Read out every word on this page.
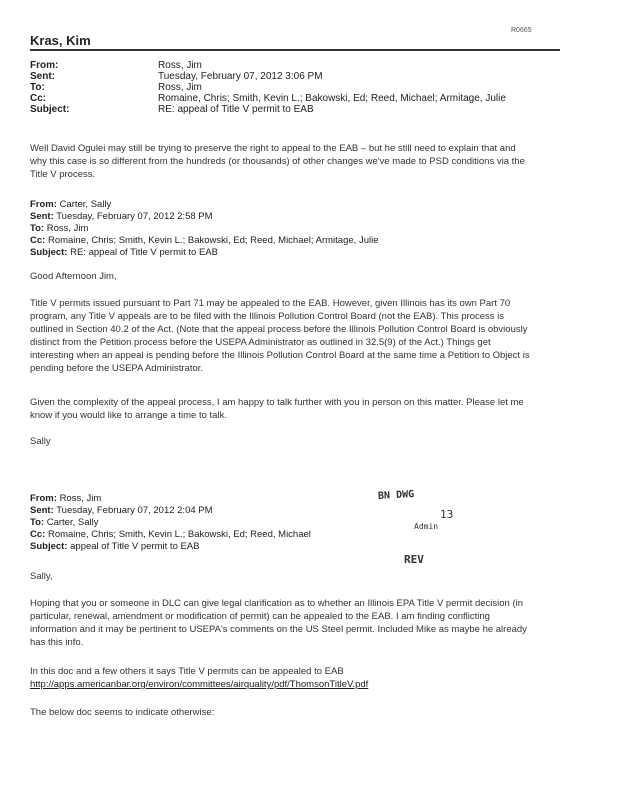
R0665
Kras, Kim
From:	Ross, Jim
Sent:	Tuesday, February 07, 2012 3:06 PM
To:	Ross, Jim
Cc:	Romaine, Chris; Smith, Kevin L.; Bakowski, Ed; Reed, Michael; Armitage, Julie
Subject:	RE: appeal of Title V permit to EAB
Well David Ogulei may still be trying to preserve the right to appeal to the EAB – but he still need to explain that and
why this case is so different from the hundreds (or thousands) of other changes we've made to PSD conditions via the
Title V process.
From: Carter, Sally
Sent: Tuesday, February 07, 2012 2:58 PM
To: Ross, Jim
Cc: Romaine, Chris; Smith, Kevin L.; Bakowski, Ed; Reed, Michael; Armitage, Julie
Subject: RE: appeal of Title V permit to EAB
Good Afternoon Jim,
Title V permits issued pursuant to Part 71 may be appealed to the EAB. However, given Illinois has its own Part 70
program, any Title V appeals are to be filed with the Illinois Pollution Control Board (not the EAB). This process is
outlined in Section 40.2 of the Act. (Note that the appeal process before the Illinois Pollution Control Board is obviously
distinct from the Petition process before the USEPA Administrator as outlined in 32.5(9) of the Act.) Things get
interesting when an appeal is pending before the Illinois Pollution Control Board at the same time a Petition to Object is
pending before the USEPA Administrator.
Given the complexity of the appeal process, I am happy to talk further with you in person on this matter. Please let me
know if you would like to arrange a time to talk.
Sally
BN DWG
13
Admin
REV
From: Ross, Jim
Sent: Tuesday, February 07, 2012 2:04 PM
To: Carter, Sally
Cc: Romaine, Chris; Smith, Kevin L.; Bakowski, Ed; Reed, Michael
Subject: appeal of Title V permit to EAB
Sally,
Hoping that you or someone in DLC can give legal clarification as to whether an Illinois EPA Title V permit decision (in
particular, renewal, amendment or modification of permit) can be appealed to the EAB. I am finding conflicting
information and it may be pertinent to USEPA's comments on the US Steel permit. Included Mike as maybe he already
has this info.
In this doc and a few others it says Title V permits can be appealed to EAB
http://apps.americanbar.org/environ/committees/airquality/pdf/ThomsonTitleV.pdf
The below doc seems to indicate otherwise:
